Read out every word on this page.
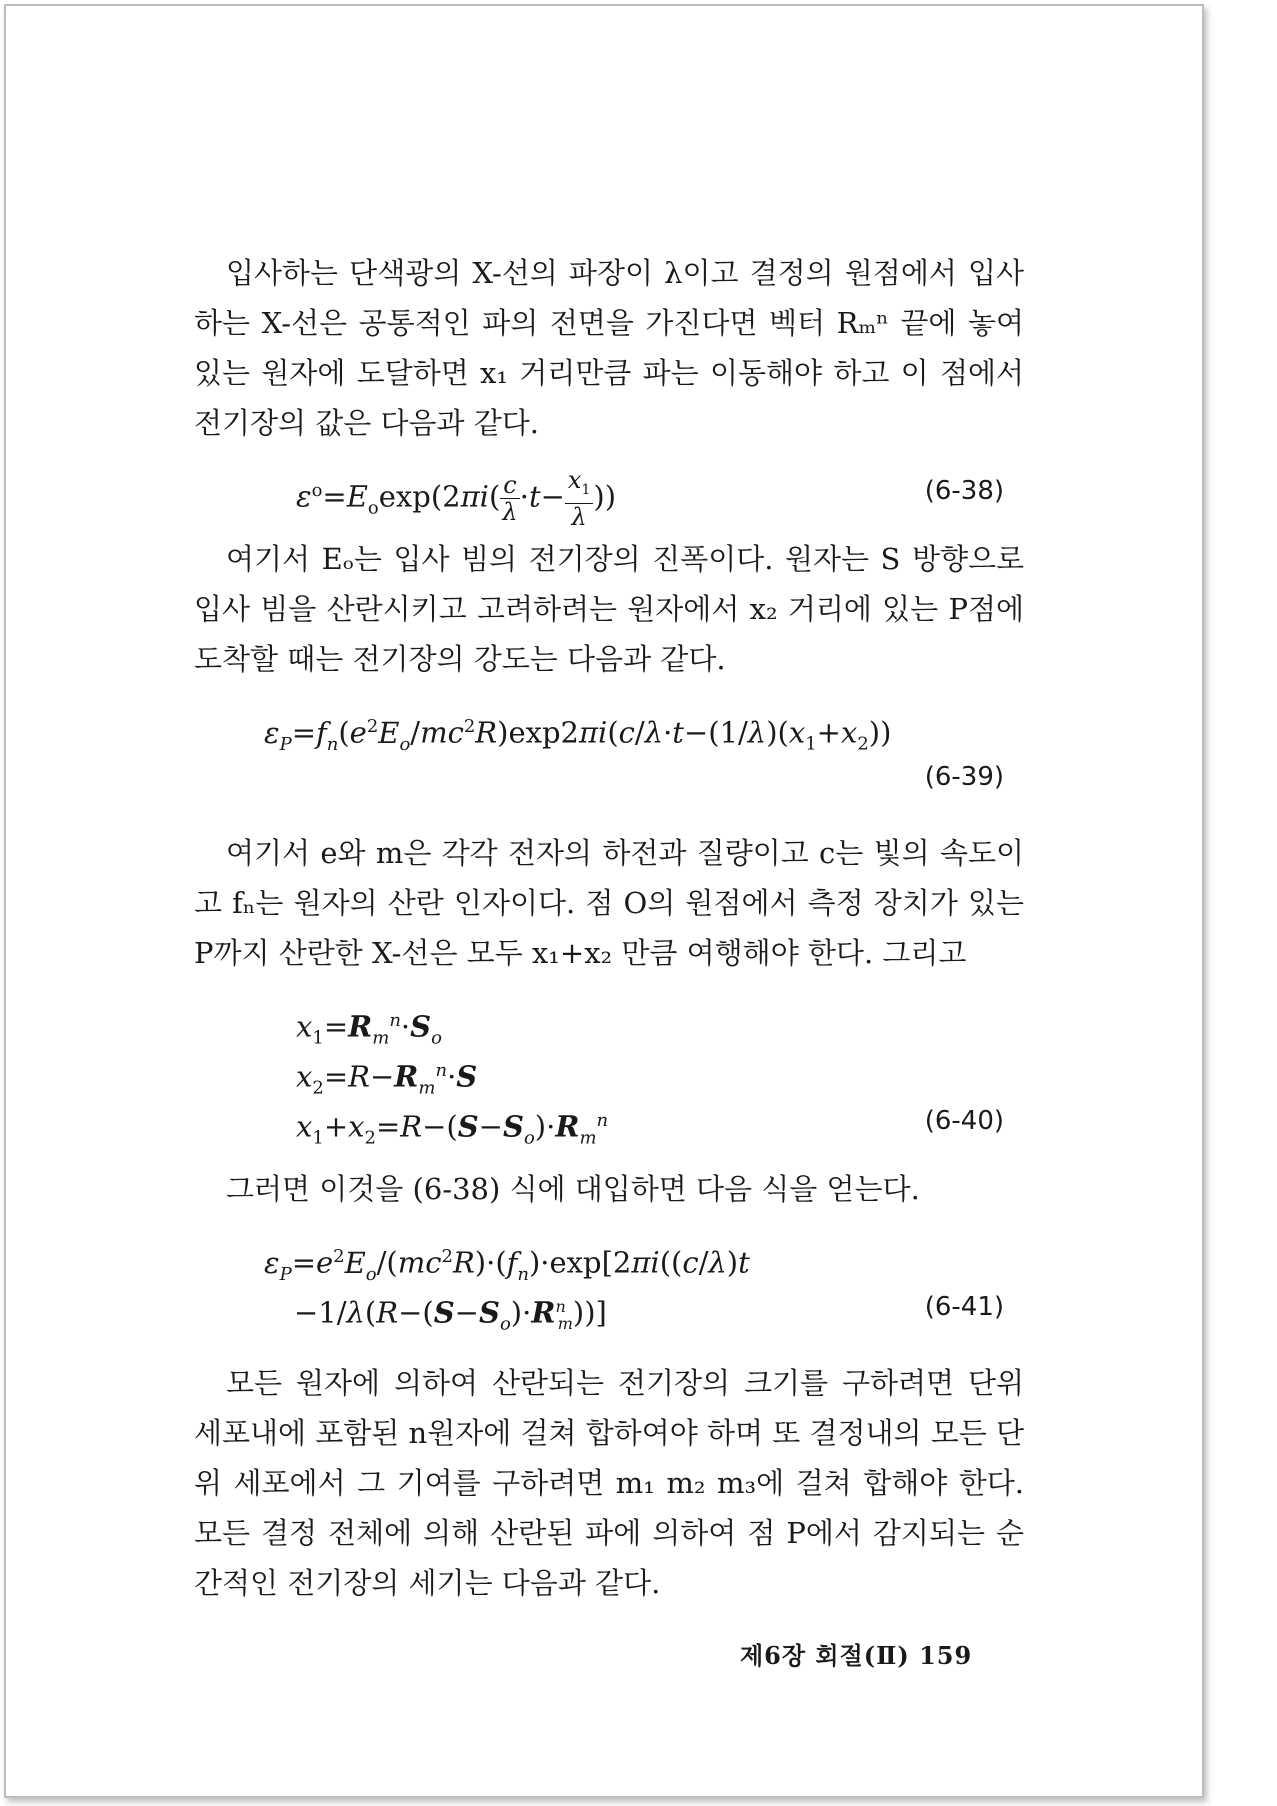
입사하는 단색광의 X-선의 파장이 λ이고 결정의 원점에서 입사하는 X-선은 공통적인 파의 전면을 가진다면 벡터 Rₘⁿ 끝에 놓여 있는 원자에 도달하면 x₁ 거리만큼 파는 이동해야 하고 이 점에서 전기장의 값은 다음과 같다.

$\varepsilon^o=E_o\exp(2\pi i( \frac{c}{\lambda} \cdot t- \frac{x_1}{\lambda}$ ))	(6-38)

여기서 Eₒ는 입사 빔의 전기장의 진폭이다. 원자는 S 방향으로 입사 빔을 산란시키고 고려하려는 원자에서 x₂ 거리에 있는 P점에 도착할 때는 전기장의 강도는 다음과 같다.

$\varepsilon_P=f_n(e^2E_o/mc^2R)\exp 2\pi i(c/\lambda\cdot t-(1/\lambda)(x_1+x_2))$
(6-39)

여기서 e와 m은 각각 전자의 하전과 질량이고 c는 빛의 속도이고 fₙ는 원자의 산란 인자이다. 점 O의 원점에서 측정 장치가 있는 P까지 산란한 X-선은 모두 x₁+x₂ 만큼 여행해야 한다. 그리고

$x_1=R_m^n\cdot S_o$
$x_2=R-R_m^n\cdot S$
$x_1+x_2=R-(S-S_o)\cdot R_m^n$	(6-40)

그러면 이것을 (6-38) 식에 대입하면 다음 식을 얻는다.

$\varepsilon_P=e^2E_o/(mc^2R)\cdot(f_n)\cdot\exp[2\pi i((c/\lambda)t$
$-1/\lambda(R-(S-S_o)\cdot R^n_m)$)]	(6-41)

모든 원자에 의하여 산란되는 전기장의 크기를 구하려면 단위 세포내에 포함된 n원자에 걸쳐 합하여야 하며 또 결정내의 모든 단위 세포에서 그 기여를 구하려면 m₁ m₂ m₃에 걸쳐 합해야 한다. 모든 결정 전체에 의해 산란된 파에 의하여 점 P에서 감지되는 순간적인 전기장의 세기는 다음과 같다.

제6장 회절(Ⅱ) 159
